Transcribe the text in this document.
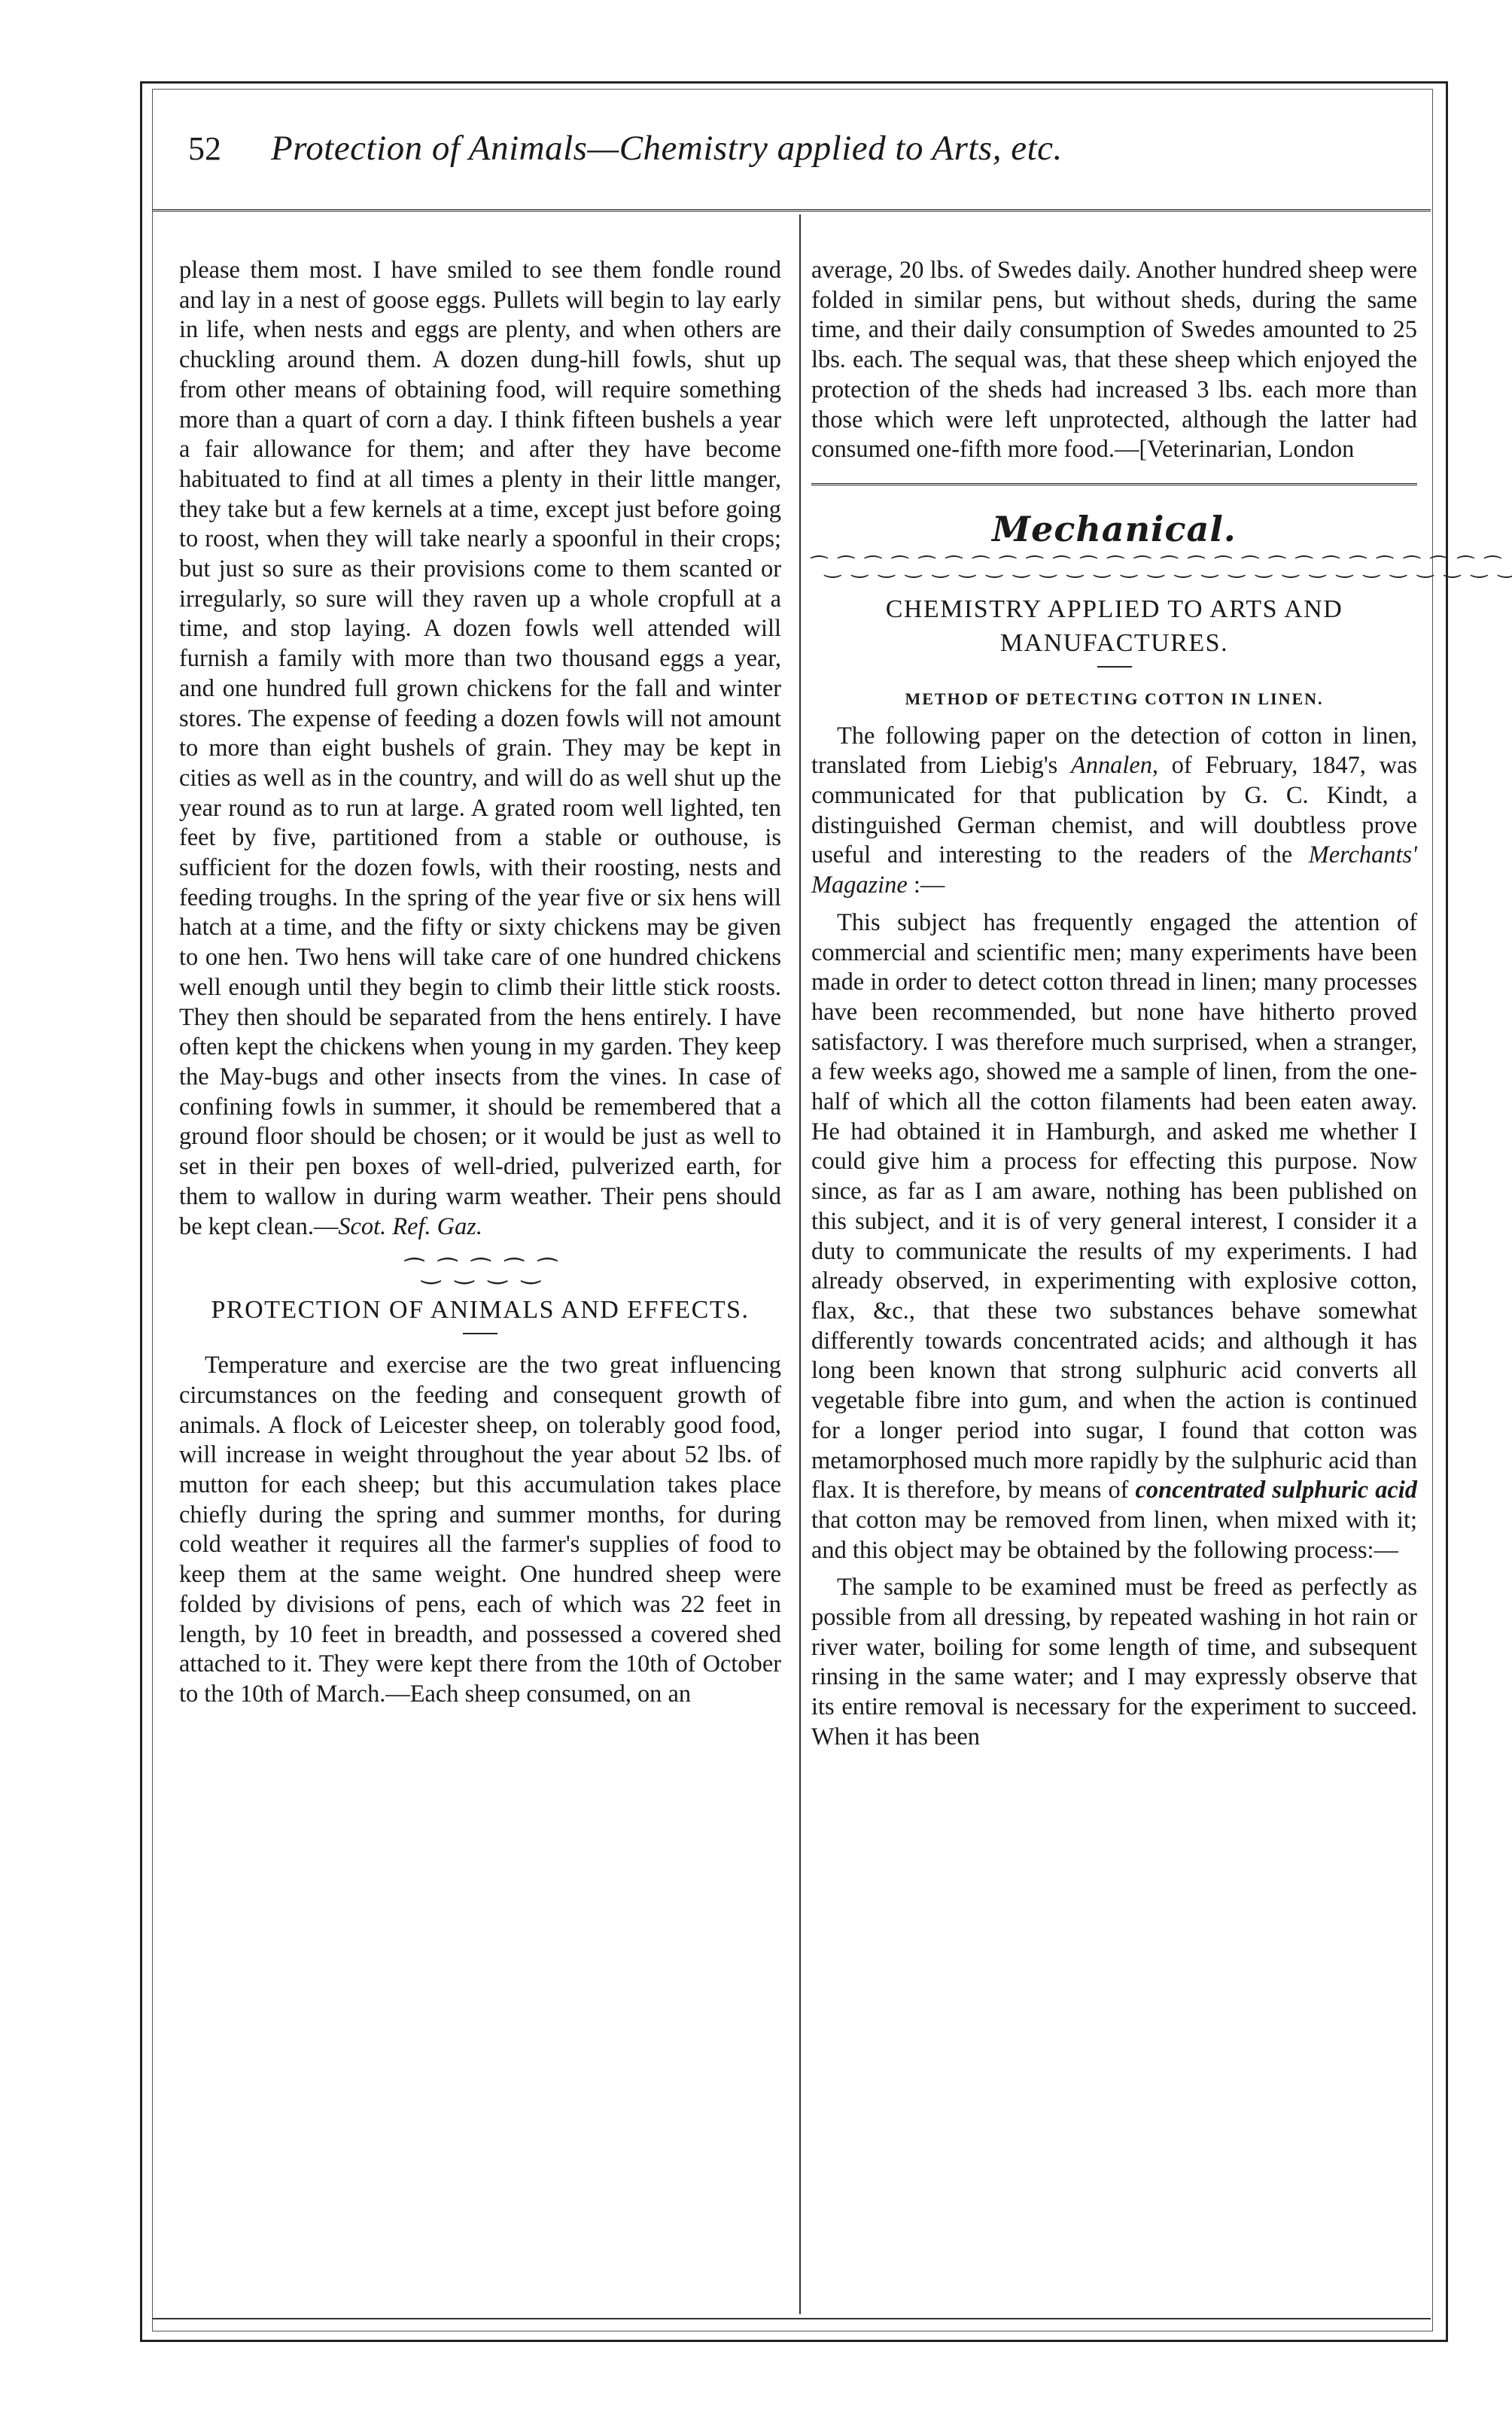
52	Protection of Animals—Chemistry applied to Arts, etc.

please them most. I have smiled to see them fondle round and lay in a nest of goose eggs. Pullets will begin to lay early in life, when nests and eggs are plenty, and when others are chuckling around them. A dozen dung-hill fowls, shut up from other means of obtaining food, will require something more than a quart of corn a day. I think fifteen bushels a year a fair allowance for them; and after they have become habituated to find at all times a plenty in their little manger, they take but a few kernels at a time, except just before going to roost, when they will take nearly a spoonful in their crops; but just so sure as their provisions come to them scanted or irregularly, so sure will they raven up a whole cropfull at a time, and stop laying. A dozen fowls well attended will furnish a family with more than two thousand eggs a year, and one hundred full grown chickens for the fall and winter stores. The expense of feeding a dozen fowls will not amount to more than eight bushels of grain. They may be kept in cities as well as in the country, and will do as well shut up the year round as to run at large. A grated room well lighted, ten feet by five, partitioned from a stable or outhouse, is sufficient for the dozen fowls, with their roosting, nests and feeding troughs. In the spring of the year five or six hens will hatch at a time, and the fifty or sixty chickens may be given to one hen. Two hens will take care of one hundred chickens well enough until they begin to climb their little stick roosts. They then should be separated from the hens entirely. I have often kept the chickens when young in my garden. They keep the May-bugs and other insects from the vines. In case of confining fowls in summer, it should be remembered that a ground floor should be chosen; or it would be just as well to set in their pen boxes of well-dried, pulverized earth, for them to wallow in during warm weather. Their pens should be kept clean.—Scot. Ref. Gaz.

⁀‿⁀‿⁀‿⁀‿⁀
PROTECTION OF ANIMALS AND EFFECTS.

Temperature and exercise are the two great influencing circumstances on the feeding and consequent growth of animals. A flock of Leicester sheep, on tolerably good food, will increase in weight throughout the year about 52 lbs. of mutton for each sheep; but this accumulation takes place chiefly during the spring and summer months, for during cold weather it requires all the farmer's supplies of food to keep them at the same weight. One hundred sheep were folded by divisions of pens, each of which was 22 feet in length, by 10 feet in breadth, and possessed a covered shed attached to it. They were kept there from the 10th of October to the 10th of March.—Each sheep consumed, on an

average, 20 lbs. of Swedes daily. Another hundred sheep were folded in similar pens, but without sheds, during the same time, and their daily consumption of Swedes amounted to 25 lbs. each. The sequal was, that these sheep which enjoyed the protection of the sheds had increased 3 lbs. each more than those which were left unprotected, although the latter had consumed one-fifth more food.—[Veterinarian, London

Mechanical.
⁀‿⁀‿⁀‿⁀‿⁀‿⁀‿⁀‿⁀‿⁀‿⁀‿⁀‿⁀‿⁀‿⁀‿⁀‿⁀‿⁀‿⁀‿⁀‿⁀‿⁀‿⁀‿⁀‿⁀‿⁀‿⁀‿
CHEMISTRY APPLIED TO ARTS AND MANUFACTURES.
METHOD OF DETECTING COTTON IN LINEN.

The following paper on the detection of cotton in linen, translated from Liebig's Annalen, of February, 1847, was communicated for that publication by G. C. Kindt, a distinguished German chemist, and will doubtless prove useful and interesting to the readers of the Merchants' Magazine :—

This subject has frequently engaged the attention of commercial and scientific men; many experiments have been made in order to detect cotton thread in linen; many processes have been recommended, but none have hitherto proved satisfactory. I was therefore much surprised, when a stranger, a few weeks ago, showed me a sample of linen, from the one-half of which all the cotton filaments had been eaten away. He had obtained it in Hamburgh, and asked me whether I could give him a process for effecting this purpose. Now since, as far as I am aware, nothing has been published on this subject, and it is of very general interest, I consider it a duty to communicate the results of my experiments. I had already observed, in experimenting with explosive cotton, flax, &c., that these two substances behave somewhat differently towards concentrated acids; and although it has long been known that strong sulphuric acid converts all vegetable fibre into gum, and when the action is continued for a longer period into sugar, I found that cotton was metamorphosed much more rapidly by the sulphuric acid than flax. It is therefore, by means of concentrated sulphuric acid that cotton may be removed from linen, when mixed with it; and this object may be obtained by the following process:—

The sample to be examined must be freed as perfectly as possible from all dressing, by repeated washing in hot rain or river water, boiling for some length of time, and subsequent rinsing in the same water; and I may expressly observe that its entire removal is necessary for the experiment to succeed. When it has been
